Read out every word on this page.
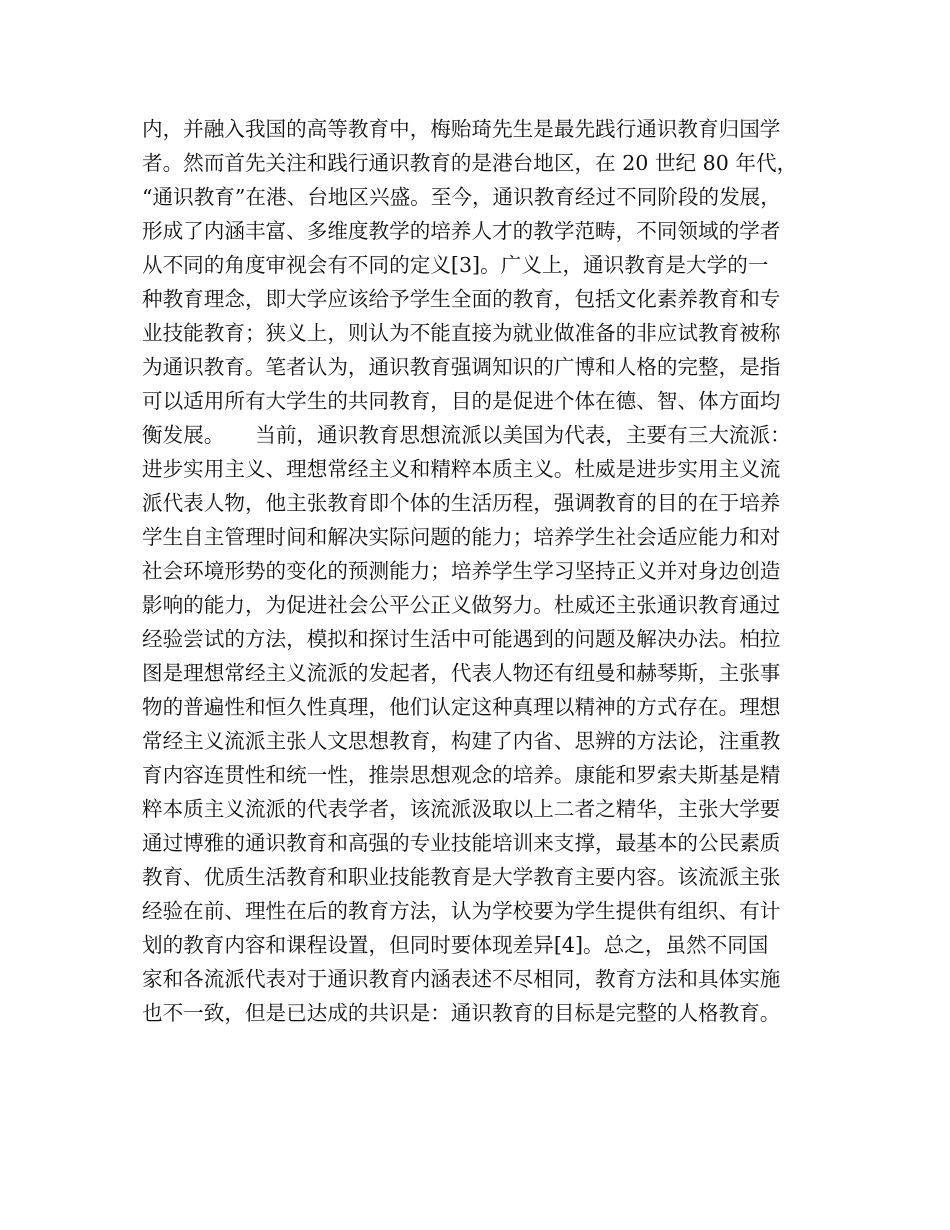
内，并融入我国的高等教育中，梅贻琦先生是最先践行通识教育归国学
者。然而首先关注和践行通识教育的是港台地区，在 20 世纪 80 年代，
“通识教育”在港、台地区兴盛。至今，通识教育经过不同阶段的发展，
形成了内涵丰富、多维度教学的培养人才的教学范畴，不同领域的学者
从不同的角度审视会有不同的定义[3]。广义上，通识教育是大学的一
种教育理念，即大学应该给予学生全面的教育，包括文化素养教育和专
业技能教育；狭义上，则认为不能直接为就业做准备的非应试教育被称
为通识教育。笔者认为，通识教育强调知识的广博和人格的完整，是指
可以适用所有大学生的共同教育，目的是促进个体在德、智、体方面均
衡发展。　　当前，通识教育思想流派以美国为代表，主要有三大流派：
进步实用主义、理想常经主义和精粹本质主义。杜威是进步实用主义流
派代表人物，他主张教育即个体的生活历程，强调教育的目的在于培养
学生自主管理时间和解决实际问题的能力；培养学生社会适应能力和对
社会环境形势的变化的预测能力；培养学生学习坚持正义并对身边创造
影响的能力，为促进社会公平公正义做努力。杜威还主张通识教育通过
经验尝试的方法，模拟和探讨生活中可能遇到的问题及解决办法。柏拉
图是理想常经主义流派的发起者，代表人物还有纽曼和赫琴斯，主张事
物的普遍性和恒久性真理，他们认定这种真理以精神的方式存在。理想
常经主义流派主张人文思想教育，构建了内省、思辨的方法论，注重教
育内容连贯性和统一性，推崇思想观念的培养。康能和罗索夫斯基是精
粹本质主义流派的代表学者，该流派汲取以上二者之精华，主张大学要
通过博雅的通识教育和高强的专业技能培训来支撑，最基本的公民素质
教育、优质生活教育和职业技能教育是大学教育主要内容。该流派主张
经验在前、理性在后的教育方法，认为学校要为学生提供有组织、有计
划的教育内容和课程设置，但同时要体现差异[4]。总之，虽然不同国
家和各流派代表对于通识教育内涵表述不尽相同，教育方法和具体实施
也不一致，但是已达成的共识是：通识教育的目标是完整的人格教育。
